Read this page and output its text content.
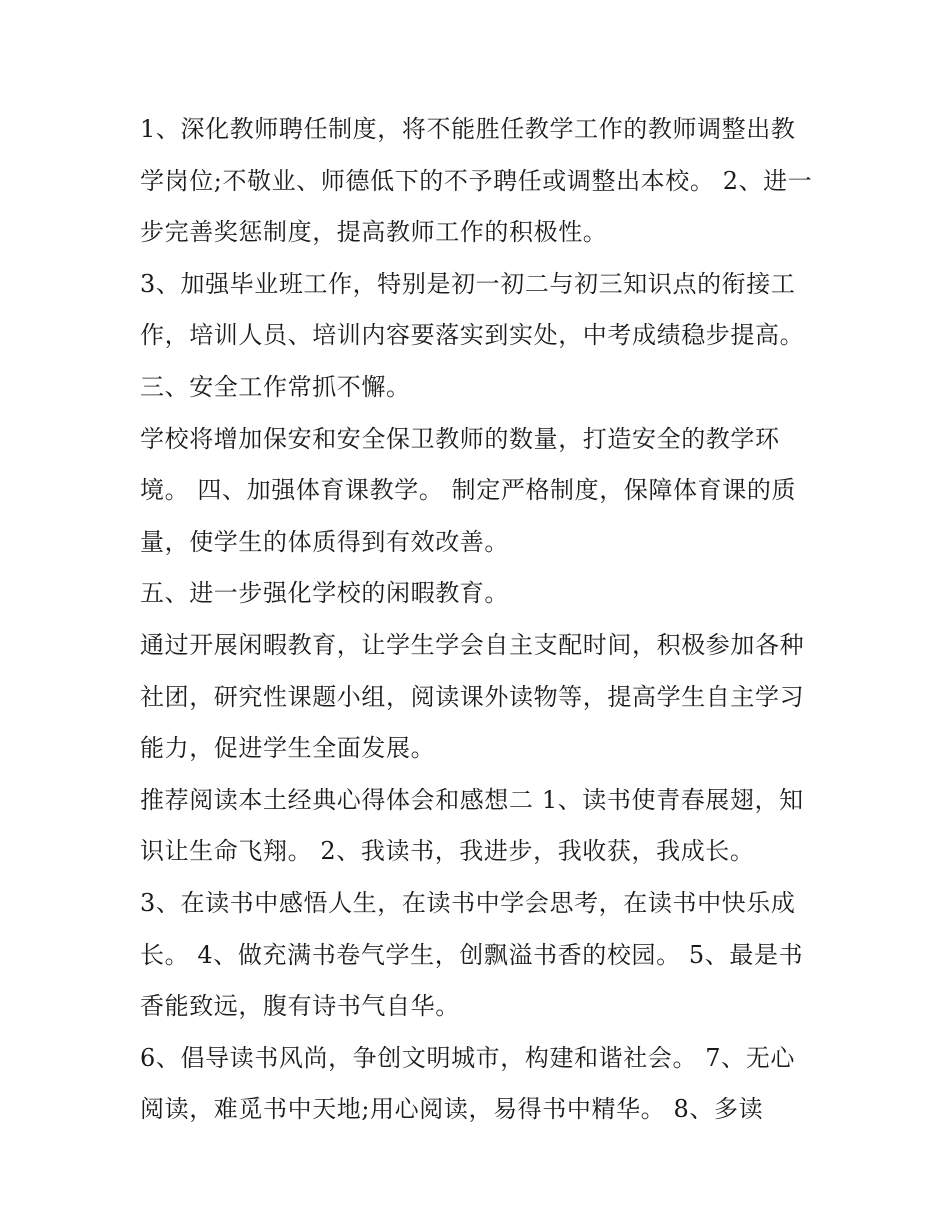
1、深化教师聘任制度，将不能胜任教学工作的教师调整出教
学岗位;不敬业、师德低下的不予聘任或调整出本校。 2、进一
步完善奖惩制度，提高教师工作的积极性。
3、加强毕业班工作，特别是初一初二与初三知识点的衔接工
作，培训人员、培训内容要落实到实处，中考成绩稳步提高。
三、安全工作常抓不懈。
学校将增加保安和安全保卫教师的数量，打造安全的教学环
境。 四、加强体育课教学。 制定严格制度，保障体育课的质
量，使学生的体质得到有效改善。
五、进一步强化学校的闲暇教育。
通过开展闲暇教育，让学生学会自主支配时间，积极参加各种
社团，研究性课题小组，阅读课外读物等，提高学生自主学习
能力，促进学生全面发展。
推荐阅读本土经典心得体会和感想二 1、读书使青春展翅，知
识让生命飞翔。 2、我读书，我进步，我收获，我成长。
3、在读书中感悟人生，在读书中学会思考，在读书中快乐成
长。 4、做充满书卷气学生，创飘溢书香的校园。 5、最是书
香能致远，腹有诗书气自华。
6、倡导读书风尚，争创文明城市，构建和谐社会。 7、无心
阅读，难觅书中天地;用心阅读，易得书中精华。 8、多读
